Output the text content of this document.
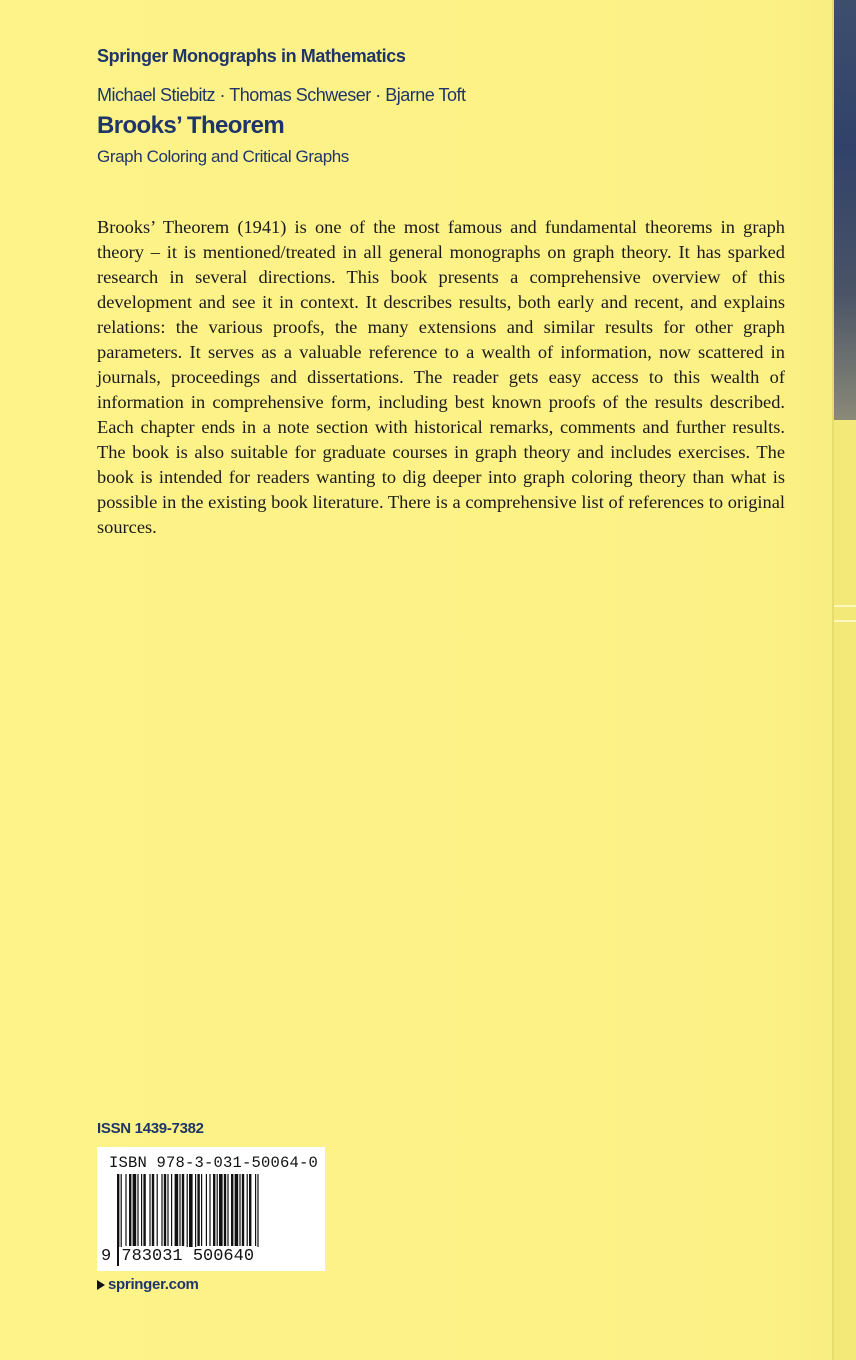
Springer Monographs in Mathematics
Michael Stiebitz · Thomas Schweser · Bjarne Toft
Brooks’ Theorem
Graph Coloring and Critical Graphs

Brooks’ Theorem (1941) is one of the most famous and fundamental theorems in graph theory – it is mentioned/treated in all general monographs on graph theory. It has sparked research in several directions. This book presents a comprehensive overview of this development and see it in context. It describes results, both early and recent, and explains relations: the various proofs, the many extensions and similar results for other graph parameters. It serves as a valuable reference to a wealth of information, now scattered in journals, proceedings and dissertations. The reader gets easy access to this wealth of information in comprehensive form, including best known proofs of the results described. Each chapter ends in a note section with historical remarks, comments and further results. The book is also suitable for graduate courses in graph theory and includes exercises. The book is intended for readers wanting to dig deeper into graph coloring theory than what is possible in the existing book literature. There is a comprehensive list of references to original sources.

ISSN 1439-7382
ISBN 978-3-031-50064-0
9 783031 500640
springer.com
